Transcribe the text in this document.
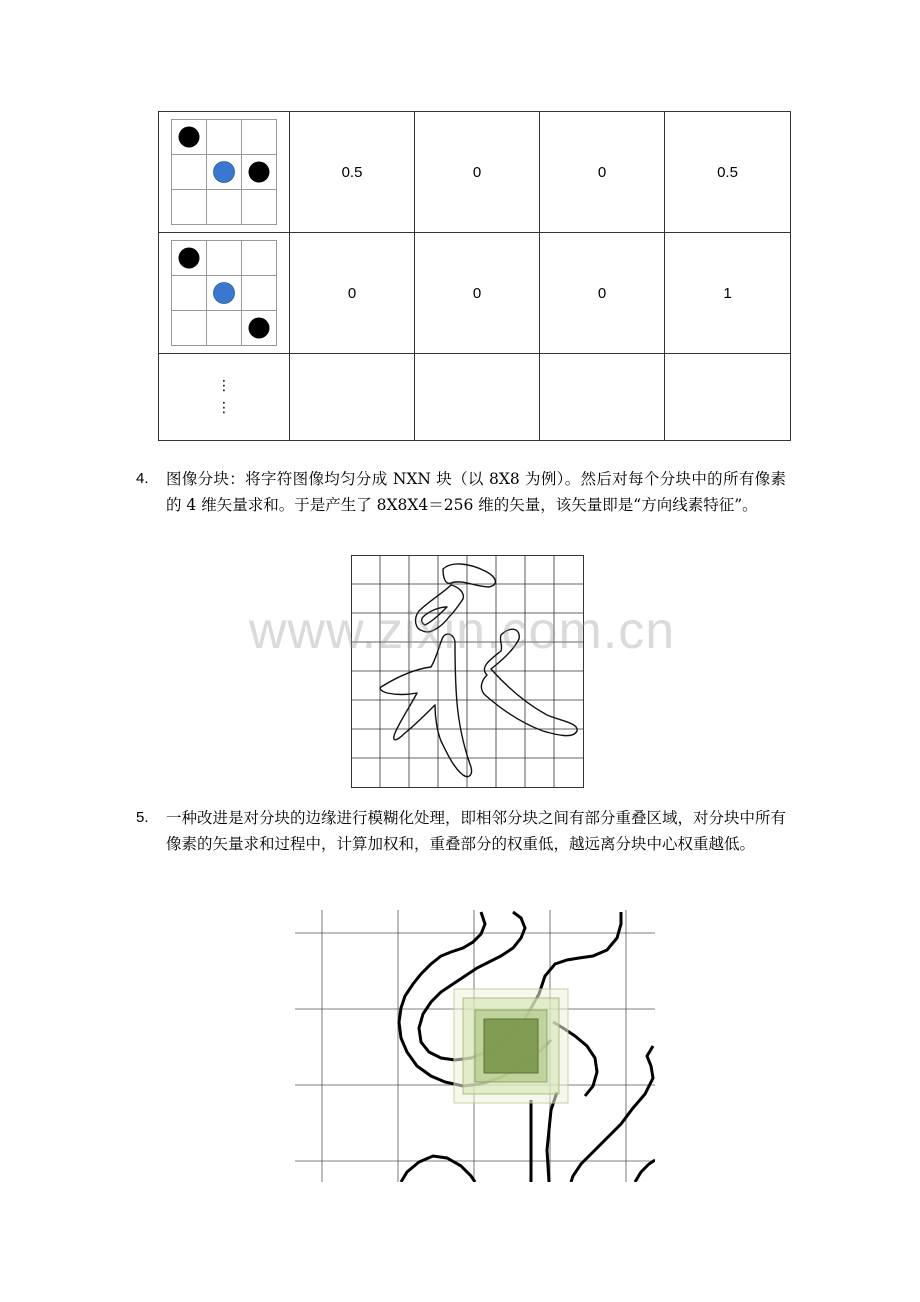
	0.5	0	0	0.5

	0	0	0	1

⋮
⋮				

4. 图像分块：将字符图像均匀分成 NXN 块（以 8X8 为例）。然后对每个分块中的所有像素的 4 维矢量求和。于是产生了 8X8X4＝256 维的矢量，该矢量即是“方向线素特征”。
www.zixin.com.cn
5. 一种改进是对分块的边缘进行模糊化处理，即相邻分块之间有部分重叠区域，对分块中所有像素的矢量求和过程中，计算加权和，重叠部分的权重低，越远离分块中心权重越低。
